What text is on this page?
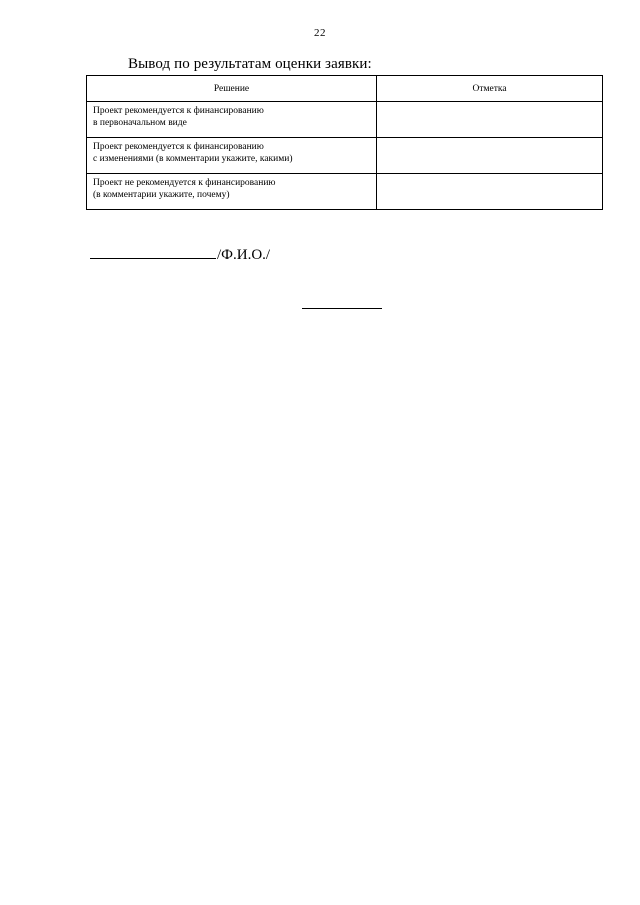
22
Вывод по результатам оценки заявки:
Решение	Отметка

Проект рекомендуется к финансированию
в первоначальном виде	

Проект рекомендуется к финансированию
с изменениями (в комментарии укажите, какими)	

Проект не рекомендуется к финансированию
(в комментарии укажите, почему)	

/Ф.И.О./
